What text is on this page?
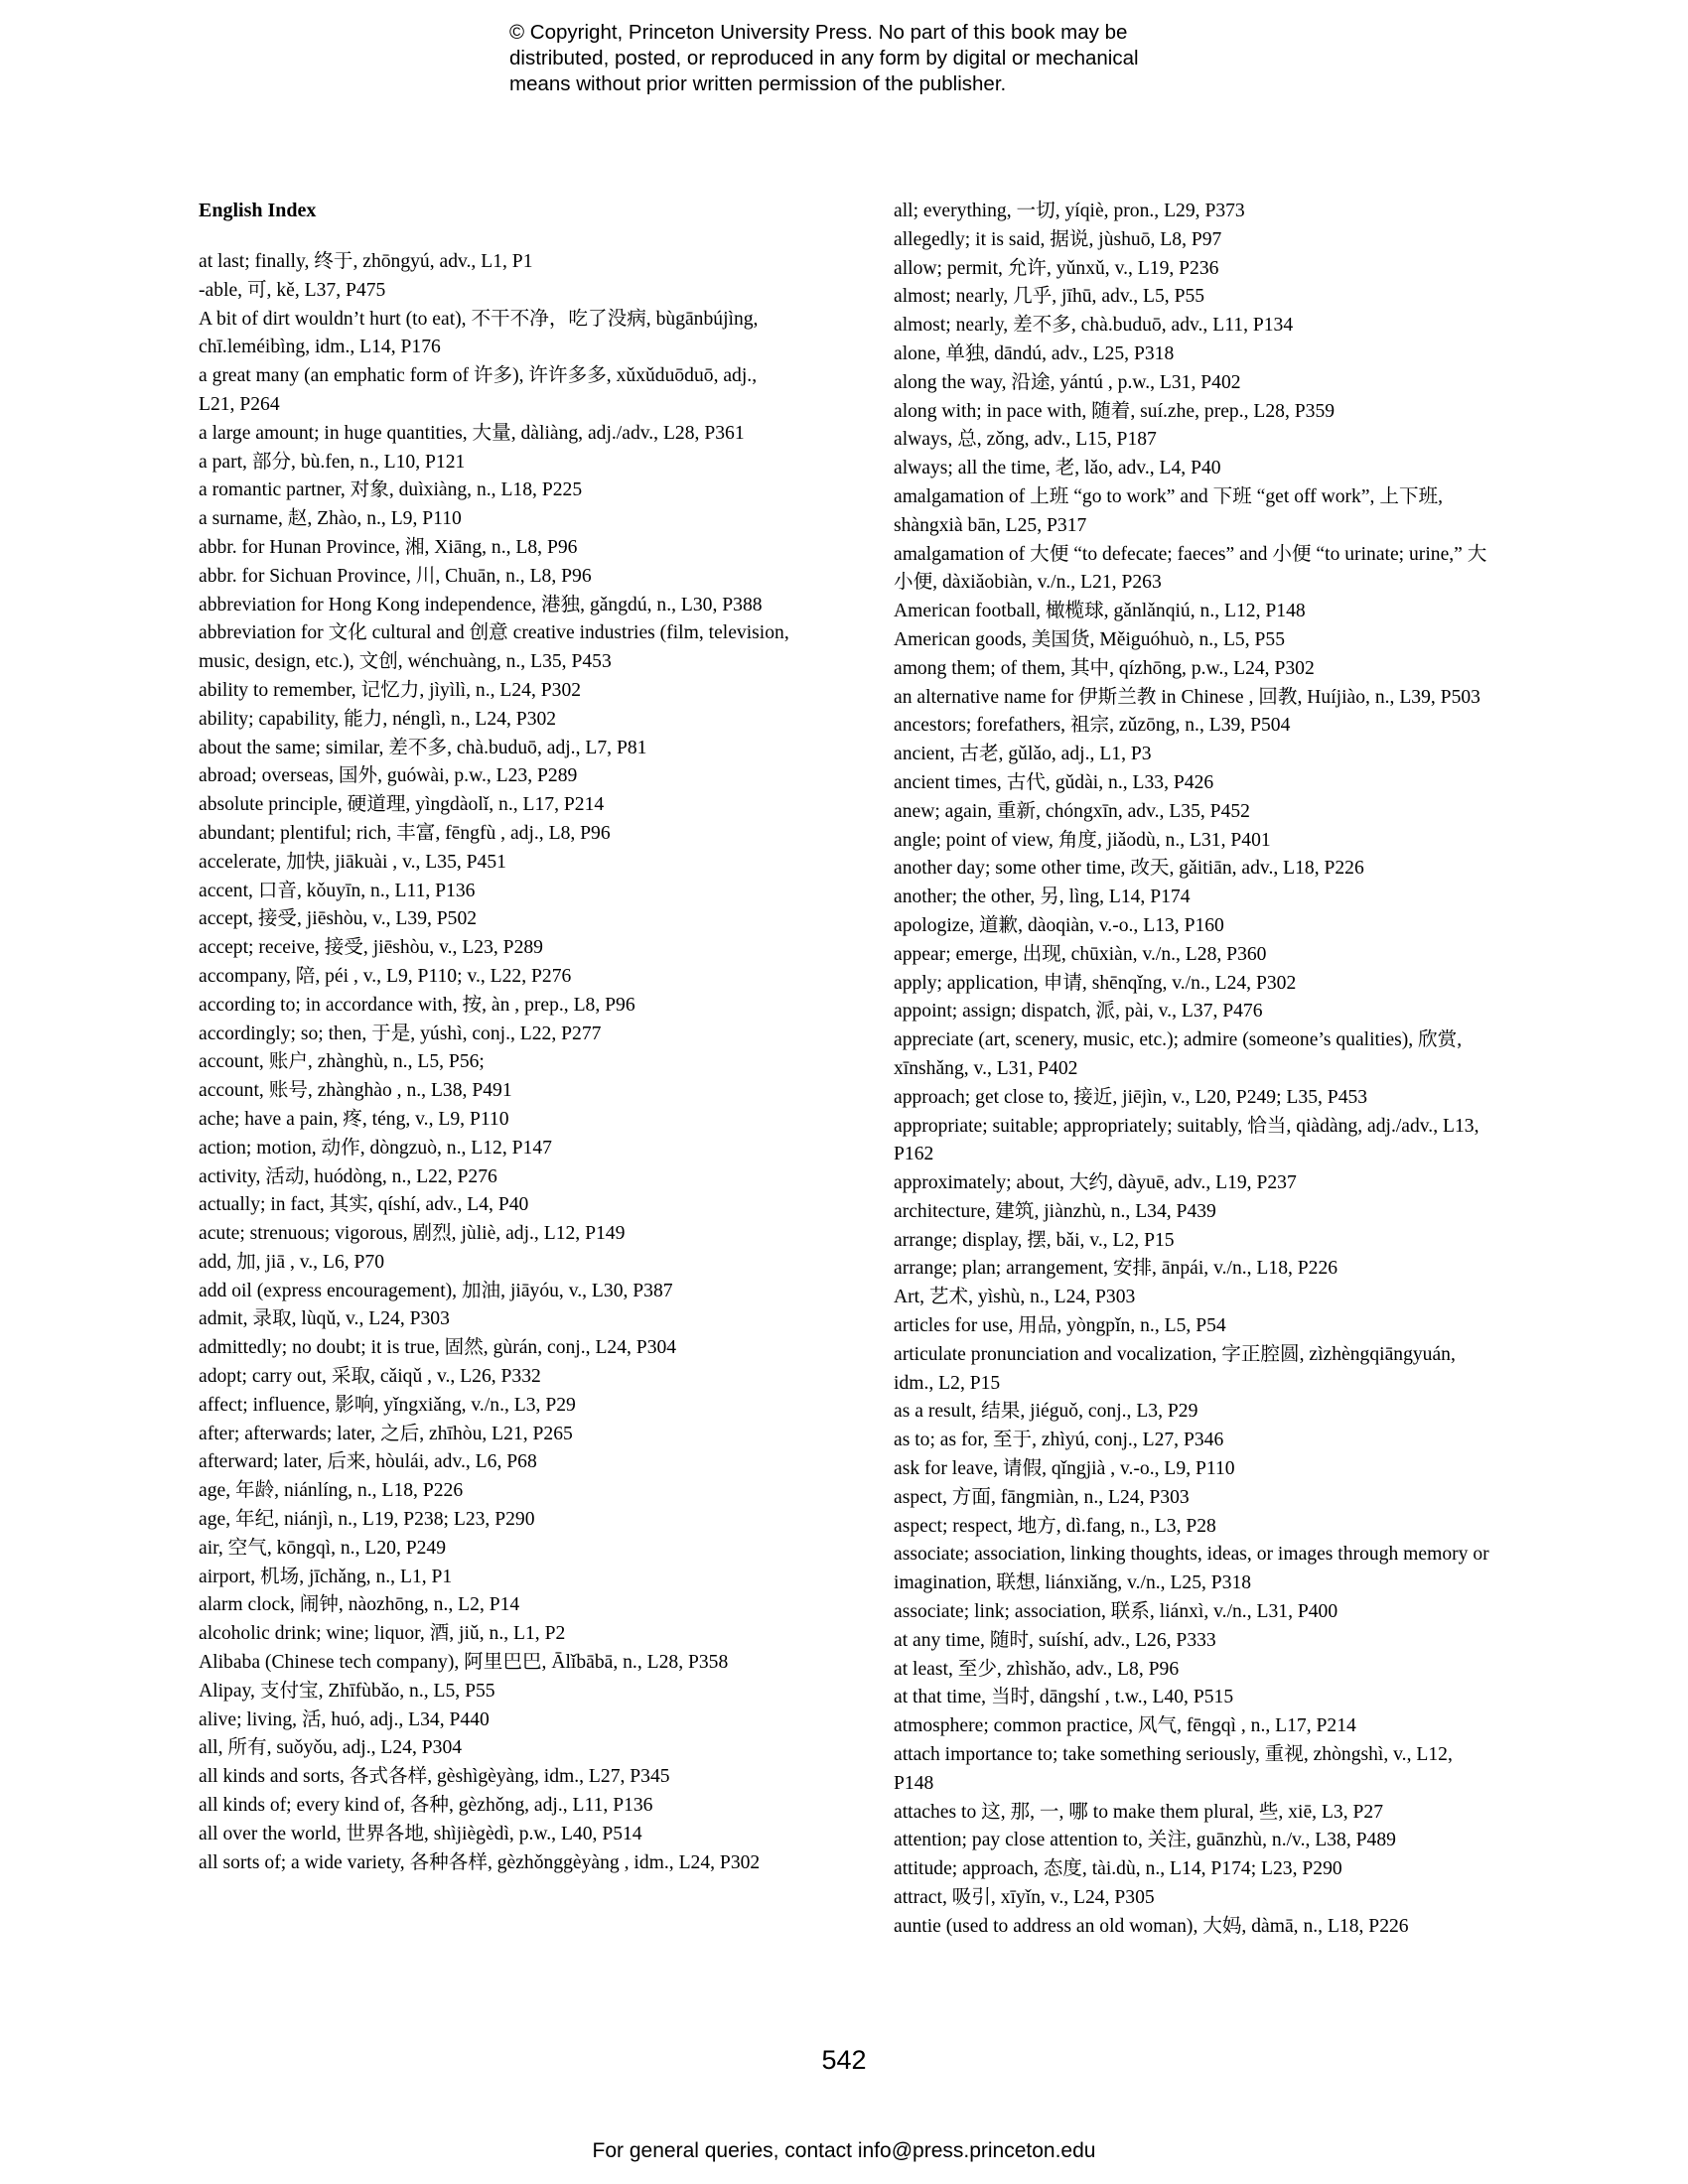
© Copyright, Princeton University Press. No part of this book may be
distributed, posted, or reproduced in any form by digital or mechanical
means without prior written permission of the publisher.
English Index

at last; finally, 终于, zhōngyú, adv., L1, P1

-able, 可, kě, L37, P475

A bit of dirt wouldn’t hurt (to eat), 不干不净，吃了没病, bùgānbújìng, chī.leméibìng, idm., L14, P176

a great many (an emphatic form of 许多), 许许多多, xǔxǔduōduō, adj., L21, P264

a large amount; in huge quantities, 大量, dàliàng, adj./adv., L28, P361

a part, 部分, bù.fen, n., L10, P121

a romantic partner, 对象, duìxiàng, n., L18, P225

a surname, 赵, Zhào, n., L9, P110

abbr. for Hunan Province, 湘, Xiāng, n., L8, P96

abbr. for Sichuan Province, 川, Chuān, n., L8, P96

abbreviation for Hong Kong independence, 港独, gǎngdú, n., L30, P388

abbreviation for 文化 cultural and 创意 creative industries (film, television, music, design, etc.), 文创, wénchuàng, n., L35, P453

ability to remember, 记忆力, jìyìlì, n., L24, P302

ability; capability, 能力, nénglì, n., L24, P302

about the same; similar, 差不多, chà.buduō, adj., L7, P81

abroad; overseas, 国外, guówài, p.w., L23, P289

absolute principle, 硬道理, yìngdàolǐ, n., L17, P214

abundant; plentiful; rich, 丰富, fēngfù , adj., L8, P96

accelerate, 加快, jiākuài , v., L35, P451

accent, 口音, kǒuyīn, n., L11, P136

accept, 接受, jiēshòu, v., L39, P502

accept; receive, 接受, jiēshòu, v., L23, P289

accompany, 陪, péi , v., L9, P110; v., L22, P276

according to; in accordance with, 按, àn , prep., L8, P96

accordingly; so; then, 于是, yúshì, conj., L22, P277

account, 账户, zhànghù, n., L5, P56;

account, 账号, zhànghào , n., L38, P491

ache; have a pain, 疼, téng, v., L9, P110

action; motion, 动作, dòngzuò, n., L12, P147

activity, 活动, huódòng, n., L22, P276

actually; in fact, 其实, qíshí, adv., L4, P40

acute; strenuous; vigorous, 剧烈, jùliè, adj., L12, P149

add, 加, jiā , v., L6, P70

add oil (express encouragement), 加油, jiāyóu, v., L30, P387

admit, 录取, lùqǔ, v., L24, P303

admittedly; no doubt; it is true, 固然, gùrán, conj., L24, P304

adopt; carry out, 采取, cǎiqǔ , v., L26, P332

affect; influence, 影响, yǐngxiǎng, v./n., L3, P29

after; afterwards; later, 之后, zhīhòu, L21, P265

afterward; later, 后来, hòulái, adv., L6, P68

age, 年龄, niánlíng, n., L18, P226

age, 年纪, niánjì, n., L19, P238; L23, P290

air, 空气, kōngqì, n., L20, P249

airport, 机场, jīchǎng, n., L1, P1

alarm clock, 闹钟, nàozhōng, n., L2, P14

alcoholic drink; wine; liquor, 酒, jiǔ, n., L1, P2

Alibaba (Chinese tech company), 阿里巴巴, Ālǐbābā, n., L28, P358

Alipay, 支付宝, Zhīfùbǎo, n., L5, P55

alive; living, 活, huó, adj., L34, P440

all, 所有, suǒyǒu, adj., L24, P304

all kinds and sorts, 各式各样, gèshìgèyàng, idm., L27, P345

all kinds of; every kind of, 各种, gèzhǒng, adj., L11, P136

all over the world, 世界各地, shìjiègèdì, p.w., L40, P514

all sorts of; a wide variety, 各种各样, gèzhǒnggèyàng , idm., L24, P302

all; everything, 一切, yíqiè, pron., L29, P373

allegedly; it is said, 据说, jùshuō, L8, P97

allow; permit, 允许, yǔnxǔ, v., L19, P236

almost; nearly, 几乎, jīhū, adv., L5, P55

almost; nearly, 差不多, chà.buduō, adv., L11, P134

alone, 单独, dāndú, adv., L25, P318

along the way, 沿途, yántú , p.w., L31, P402

along with; in pace with, 随着, suí.zhe, prep., L28, P359

always, 总, zǒng, adv., L15, P187

always; all the time, 老, lǎo, adv., L4, P40

amalgamation of 上班 “go to work” and 下班 “get off work”, 上下班, shàngxià bān, L25, P317

amalgamation of 大便 “to defecate; faeces” and 小便 “to urinate; urine,” 大小便, dàxiǎobiàn, v./n., L21, P263

American football, 橄榄球, gǎnlǎnqiú, n., L12, P148

American goods, 美国货, Měiguóhuò, n., L5, P55

among them; of them, 其中, qízhōng, p.w., L24, P302

an alternative name for 伊斯兰教 in Chinese , 回教, Huíjiào, n., L39, P503

ancestors; forefathers, 祖宗, zǔzōng, n., L39, P504

ancient, 古老, gǔlǎo, adj., L1, P3

ancient times, 古代, gǔdài, n., L33, P426

anew; again, 重新, chóngxīn, adv., L35, P452

angle; point of view, 角度, jiǎodù, n., L31, P401

another day; some other time, 改天, gǎitiān, adv., L18, P226

another; the other, 另, lìng, L14, P174

apologize, 道歉, dàoqiàn, v.-o., L13, P160

appear; emerge, 出现, chūxiàn, v./n., L28, P360

apply; application, 申请, shēnqǐng, v./n., L24, P302

appoint; assign; dispatch, 派, pài, v., L37, P476

appreciate (art, scenery, music, etc.); admire (someone’s qualities), 欣赏, xīnshǎng, v., L31, P402

approach; get close to, 接近, jiējìn, v., L20, P249; L35, P453

appropriate; suitable; appropriately; suitably, 恰当, qiàdàng, adj./adv., L13, P162

approximately; about, 大约, dàyuē, adv., L19, P237

architecture, 建筑, jiànzhù, n., L34, P439

arrange; display, 摆, bǎi, v., L2, P15

arrange; plan; arrangement, 安排, ānpái, v./n., L18, P226

Art, 艺术, yìshù, n., L24, P303

articles for use, 用品, yòngpǐn, n., L5, P54

articulate pronunciation and vocalization, 字正腔圆, zìzhèngqiāngyuán, idm., L2, P15

as a result, 结果, jiéguǒ, conj., L3, P29

as to; as for, 至于, zhìyú, conj., L27, P346

ask for leave, 请假, qǐngjià , v.-o., L9, P110

aspect, 方面, fāngmiàn, n., L24, P303

aspect; respect, 地方, dì.fang, n., L3, P28

associate; association, linking thoughts, ideas, or images through memory or imagination, 联想, liánxiǎng, v./n., L25, P318

associate; link; association, 联系, liánxì, v./n., L31, P400

at any time, 随时, suíshí, adv., L26, P333

at least, 至少, zhìshǎo, adv., L8, P96

at that time, 当时, dāngshí , t.w., L40, P515

atmosphere; common practice, 风气, fēngqì , n., L17, P214

attach importance to; take something seriously, 重视, zhòngshì, v., L12, P148

attaches to 这, 那, 一, 哪 to make them plural, 些, xiē, L3, P27

attention; pay close attention to, 关注, guānzhù, n./v., L38, P489

attitude; approach, 态度, tài.dù, n., L14, P174; L23, P290

attract, 吸引, xīyǐn, v., L24, P305

auntie (used to address an old woman), 大妈, dàmā, n., L18, P226

542
For general queries, contact info@press.princeton.edu
